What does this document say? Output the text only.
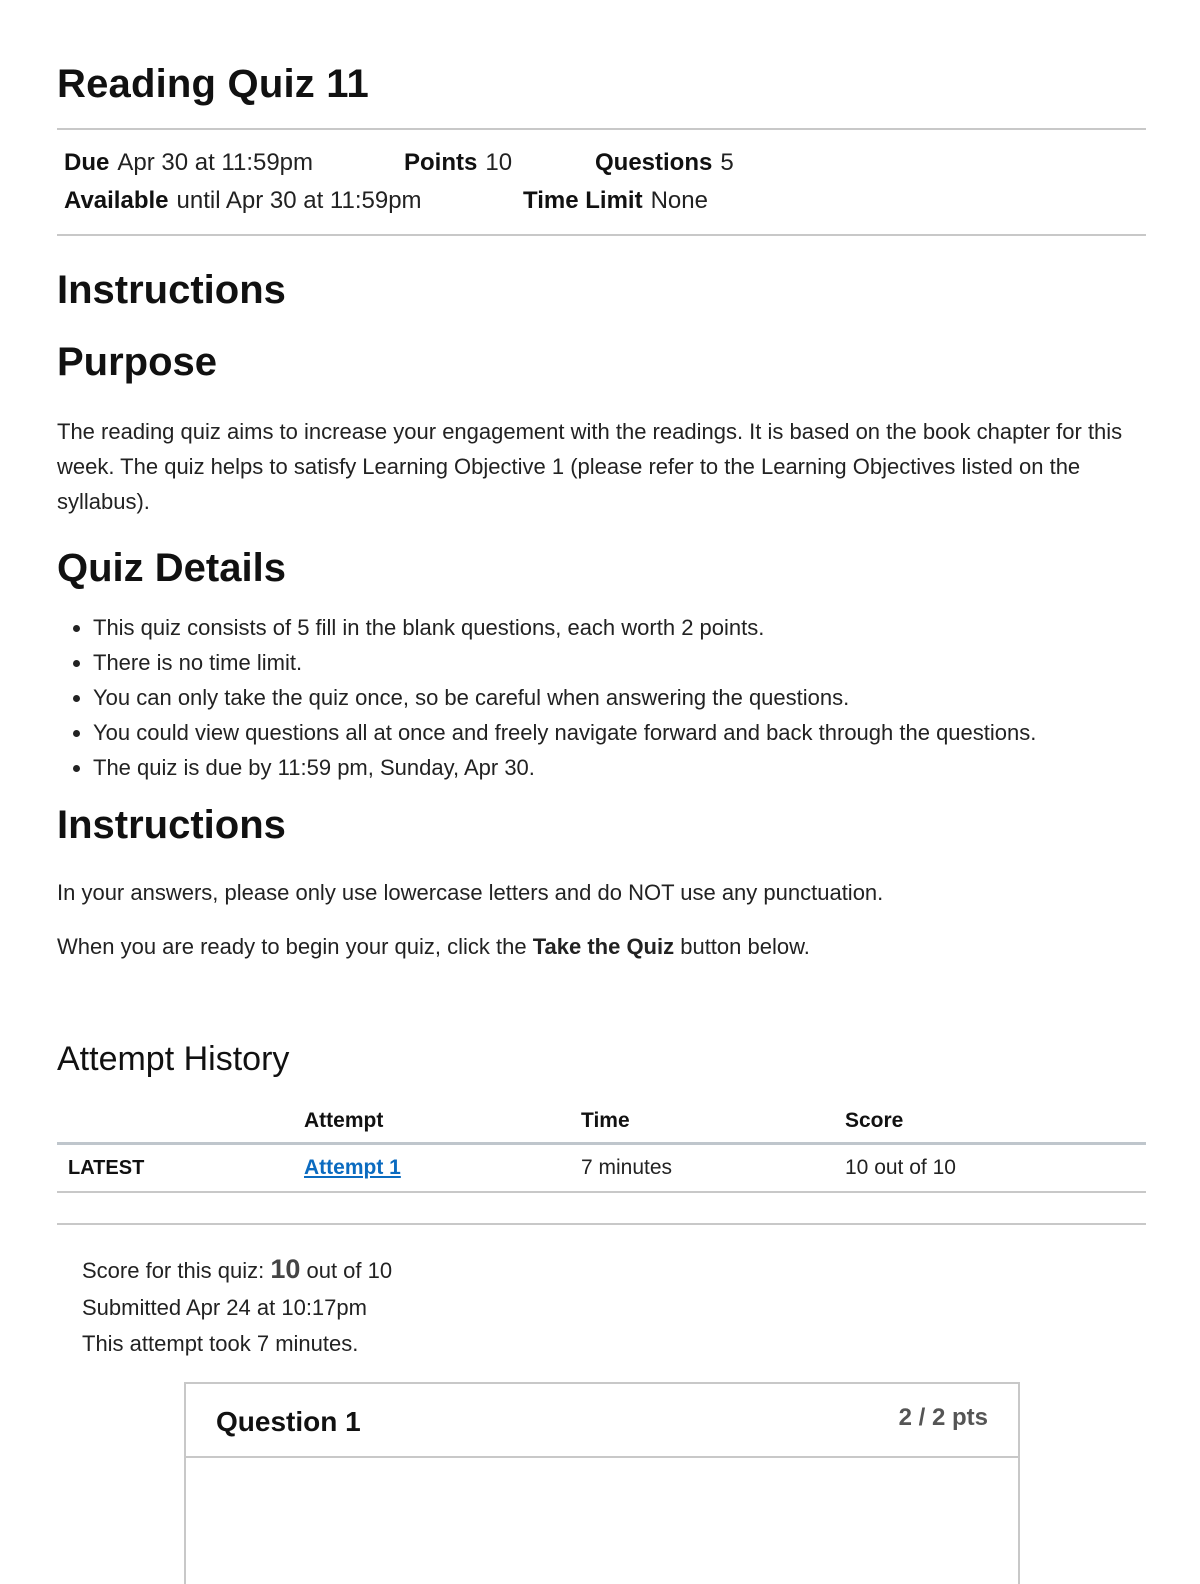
Reading Quiz 11
Due Apr 30 at 11:59pm	Points 10	Questions 5
Available until Apr 30 at 11:59pm	Time Limit None
Instructions
Purpose

The reading quiz aims to increase your engagement with the readings. It is based on the book chapter for this week. The quiz helps to satisfy Learning Objective 1 (please refer to the Learning Objectives listed on the syllabus).

Quiz Details
• This quiz consists of 5 fill in the blank questions, each worth 2 points.
• There is no time limit.
• You can only take the quiz once, so be careful when answering the questions.
• You could view questions all at once and freely navigate forward and back through the questions.
• The quiz is due by 11:59 pm, Sunday, Apr 30.
Instructions

In your answers, please only use lowercase letters and do NOT use any punctuation.

When you are ready to begin your quiz, click the Take the Quiz button below.

Attempt History
	Attempt	Time	Score
LATEST	Attempt 1	7 minutes	10 out of 10
Score for this quiz: 10 out of 10
Submitted Apr 24 at 10:17pm
This attempt took 7 minutes.
Question 1	2 / 2 pts
